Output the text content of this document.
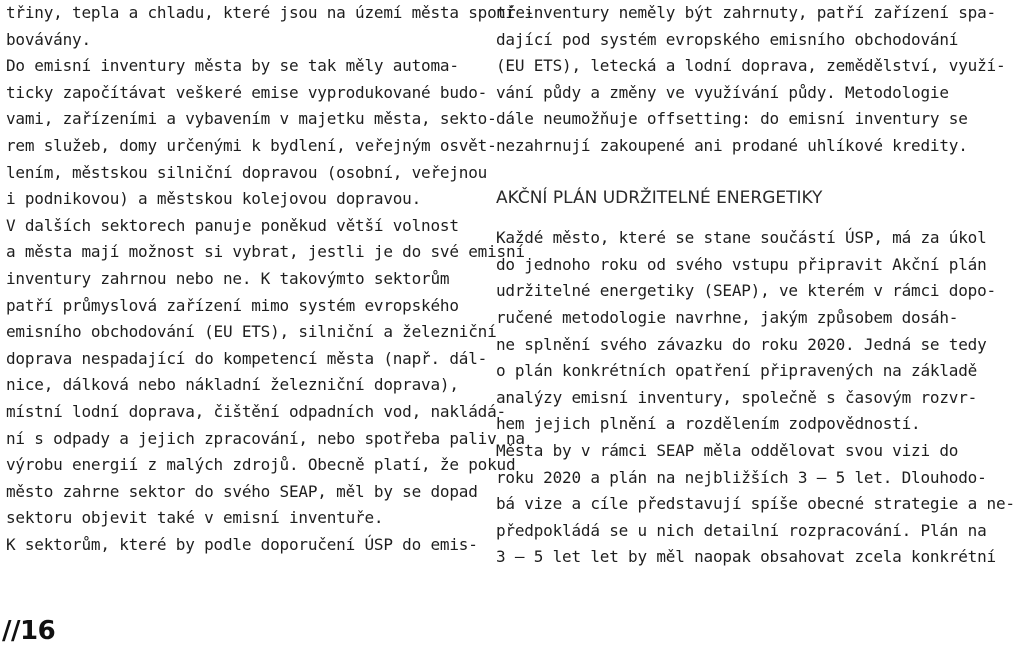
třiny, tepla a chladu, které jsou na území města spotře-
bovávány.
Do emisní inventury města by se tak měly automa-
ticky započítávat veškeré emise vyprodukované budo-
vami, zařízeními a vybavením v majetku města, sekto-
rem služeb, domy určenými k bydlení, veřejným osvět-
lením, městskou silniční dopravou (osobní, veřejnou
i podnikovou) a městskou kolejovou dopravou.
V dalších sektorech panuje poněkud větší volnost
a města mají možnost si vybrat, jestli je do své emisní
inventury zahrnou nebo ne. K takovýmto sektorům
patří průmyslová zařízení mimo systém evropského
emisního obchodování (EU ETS), silniční a železniční
doprava nespadající do kompetencí města (např. dál-
nice, dálková nebo nákladní železniční doprava),
místní lodní doprava, čištění odpadních vod, nakládá-
ní s odpady a jejich zpracování, nebo spotřeba paliv na
výrobu energií z malých zdrojů. Obecně platí, že pokud
město zahrne sektor do svého SEAP, měl by se dopad
sektoru objevit také v emisní inventuře.
K sektorům, které by podle doporučení ÚSP do emis-
ní inventury neměly být zahrnuty, patří zařízení spa-
dající pod systém evropského emisního obchodování
(EU ETS), letecká a lodní doprava, zemědělství, využí-
vání půdy a změny ve využívání půdy. Metodologie
dále neumožňuje offsetting: do emisní inventury se
nezahrnují zakoupené ani prodané uhlíkové kredity.
AKČNÍ PLÁN UDRŽITELNÉ ENERGETIKY
Každé město, které se stane součástí ÚSP, má za úkol
do jednoho roku od svého vstupu připravit Akční plán
udržitelné energetiky (SEAP), ve kterém v rámci dopo-
ručené metodologie navrhne, jakým způsobem dosáh-
ne splnění svého závazku do roku 2020. Jedná se tedy
o plán konkrétních opatření připravených na základě
analýzy emisní inventury, společně s časovým rozvr-
hem jejich plnění a rozdělením zodpovědností.
Města by v rámci SEAP měla oddělovat svou vizi do
roku 2020 a plán na nejbližších 3 – 5 let. Dlouhodo-
bá vize a cíle představují spíše obecné strategie a ne-
předpokládá se u nich detailní rozpracování. Plán na
3 – 5 let let by měl naopak obsahovat zcela konkrétní
//16
